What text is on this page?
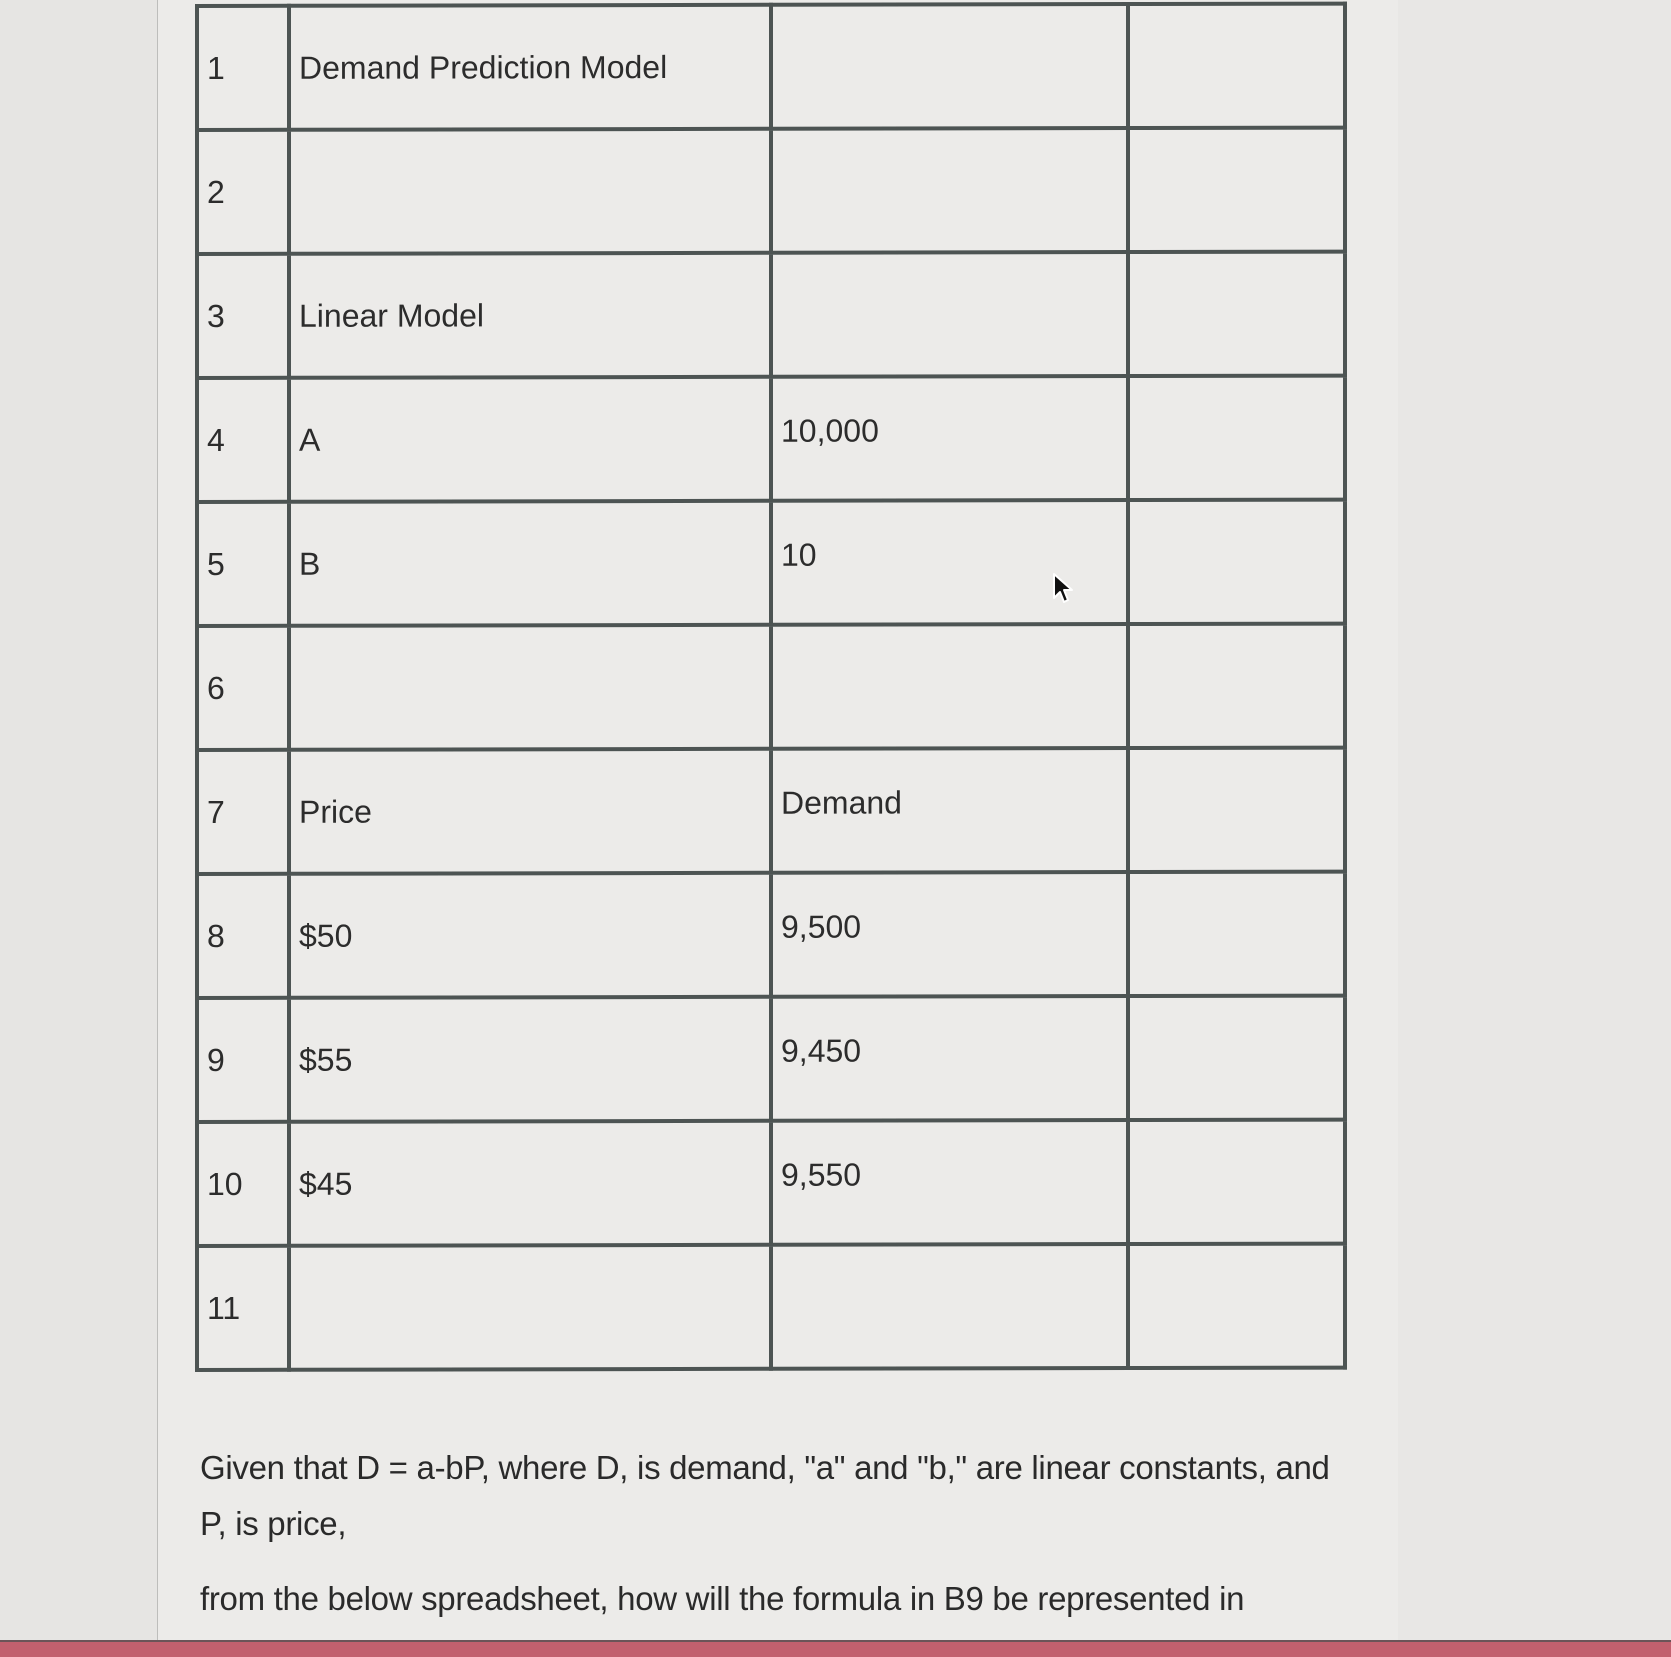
1	Demand Prediction Model		
2			
3	Linear Model		
4	A	10,000	
5	B	10	
6			
7	Price	Demand	
8	$50	9,500	
9	$55	9,450	
10	$45	9,550	
11			
Given that D = a-bP, where D, is demand, "a" and "b," are linear constants, and P, is price,
from the below spreadsheet, how will the formula in B9 be represented in
